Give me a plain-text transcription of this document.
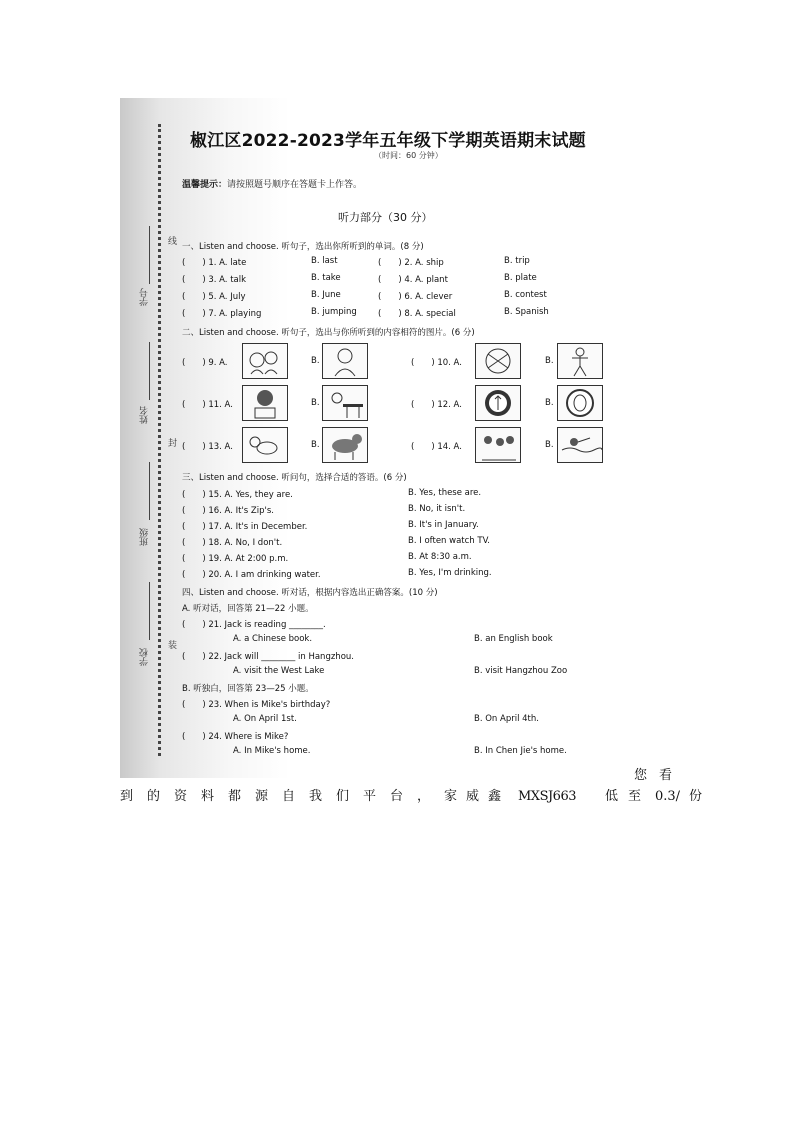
学号
姓名
班级
学校
线
封
装
椒江区2022-2023学年五年级下学期英语期末试题
（时间：60 分钟）
温馨提示：请按照题号顺序在答题卡上作答。
听力部分（30 分）
一、Listen and choose. 听句子，选出你所听到的单词。(8 分)
(　　) 1. A. late	B. last	(　　) 2. A. ship	B. trip
(　　) 3. A. talk	B. take	(　　) 4. A. plant	B. plate
(　　) 5. A. July	B. June	(　　) 6. A. clever	B. contest
(　　) 7. A. playing	B. jumping (　　) 8. A. special	B. Spanish
二、Listen and choose. 听句子，选出与你所听到的内容相符的图片。(6 分)
(　　) 9. A.	B.	(　　) 10. A.	B.
(　　) 11. A.	B.	(　　) 12. A.	B.
(　　) 13. A.	B.	(　　) 14. A.	B.
三、Listen and choose. 听问句，选择合适的答语。(6 分)
(　　) 15. A. Yes, they are.	B. Yes, these are.
(　　) 16. A. It's Zip's.	B. No, it isn't.
(　　) 17. A. It's in December.	B. It's in January.
(　　) 18. A. No, I don't.	B. I often watch TV.
(　　) 19. A. At 2:00 p.m.	B. At 8:30 a.m.
(　　) 20. A. I am drinking water.	B. Yes, I'm drinking.
四、Listen and choose. 听对话，根据内容选出正确答案。(10 分)
A. 听对话，回答第 21—22 小题。
(　　) 21. Jack is reading ________.
A. a Chinese book.	B. an English book
(　　) 22. Jack will ________ in Hangzhou.
A. visit the West Lake	B. visit Hangzhou Zoo
B. 听独白，回答第 23—25 小题。
(　　) 23. When is Mike's birthday?
A. On April 1st.	B. On April 4th.
(　　) 24. Where is Mike?
A. In Mike's home.	B. In Chen Jie's home.
您看
到 的 资 料 都 源 自 我 们 平 台 ， 家 威 鑫 MXSJ663 低 至 0.3/ 份
